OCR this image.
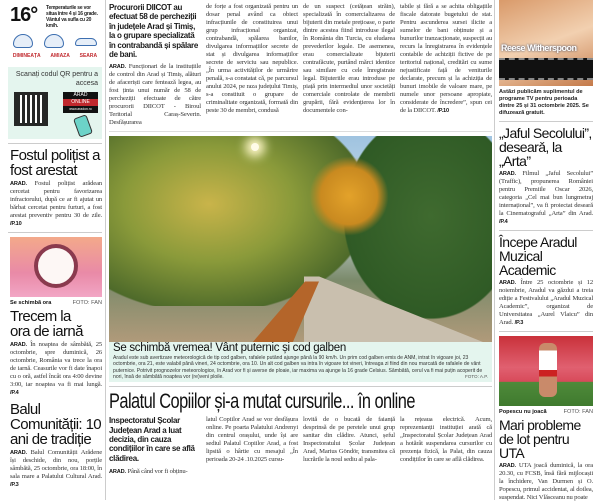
16° Temperaturile se vor situa între 4 și 16 grade. Vântul va sufla cu 20 km/h.
DIMINEAȚA AMIAZA SEARA
Scanați codul QR pentru a accesa
ARAD
ONLINE
www.aradon.ro
Fostul polițist a fost arestat
ARAD. Fostul polițist arădean cercetat pentru favorizarea infractorului, după ce ar fi ajutat un bărbat cercetat pentru furturi, a fost arestat preventiv pentru 30 de zile. /P.10
Se schimbă ora	FOTO: FAN
Trecem la ora de iarnă
ARAD. În noaptea de sâmbătă, 25 octombrie, spre duminică, 26 octombrie, România va trece la ora de iarnă. Ceasurile vor fi date înapoi cu o oră, astfel încât ora 4:00 devine 3:00, iar noaptea va fi mai lungă. /P.4
Balul Comunității: 10 ani de tradiție
ARAD. Balul Comunității Arădene își deschide, din nou, porțile sâmbătă, 25 octombrie, ora 18:00, în sala mare a Palatului Cultural Arad. /P.3
Procurorii DIICOT au efectuat 58 de percheziții în județele Arad și Timiș, la o grupare specializată în contrabandă și spălare de bani.
ARAD. Funcționari de la instituțiile de control din Arad și Timiș, alături de afaceriști care fentează legea, au fost ținta unui număr de 58 de percheziții efectuate de către procurorii DIICOT - Biroul Teritorial Caraș-Severin. Desfășurarea
de forțe a fost organizată pentru un dosar penal având ca obiect infracțiunile de constituirea unui grup infracțional organizat, contrabandă, spălarea banilor, divulgarea informațiilor secrete de stat și divulgarea informațiilor secrete de serviciu sau nepublice. „În urma activităților de urmărire penală, s-a constatat că, pe parcursul anului 2024, pe raza județului Timiș, s-a constituit o grupare de criminalitate organizată, formată din peste 30 de membri, condusă
de un suspect (cetățean străin), specializată în comercializarea de bijuterii din metale prețioase, o parte dintre acestea fiind introduse ilegal în România din Turcia, cu eludarea prevederilor legale. De asemenea, erau comercializate bijuterii contrafăcute, purtând mărci identice sau similare cu cele înregistrate legal. Bijuteriile erau introduse pe piață prin intermediul unor societăți comerciale controlate de membrii grupării, fără evidențierea lor în documentele con-
tabile și fără a se achita obligațiile fiscale datorate bugetului de stat. Pentru ascunderea sursei ilicite a sumelor de bani obținute și a bunurilor tranzacționate, suspecții au recurs la înregistrarea în evidențele contabile de achiziții fictive de pe teritoriul național, creditări cu sume nejustificate față de veniturile declarate, precum și la achiziția de bunuri imobile de valoare mare, pe numele unor persoane apropiate, considerate de încredere”, spun cei de la DIICOT. /P.10
Se schimbă vremea! Vânt puternic și cod galben
Aradul este sub avertizare meteorologică de tip cod galben, rafalele putând ajunge până la 90 km/h. Un prim cod galben emis de ANM, intrat în vigoare joi, 23 octombrie, ora 21, este valabil până vineri, 24 octombrie, ora 10. Un alt cod galben va intra în vigoare tot vineri, întreaga zi fiind din nou marcată de rafalele de vânt puternice. Potrivit prognozelor meteorologice, în Arad vor fi și averse de ploaie, iar maxima va ajunge la 16 grade Celsius. Sâmbătă, cerul va fi mai puțin acoperit de nori, însă de sâmbătă noaptea vor (re)veni ploile.	FOTO: A.P.
Palatul Copiilor și-a mutat cursurile... în online
Inspectoratul Școlar Județean Arad a luat decizia, din cauza condițiilor în care se află clădirea.
ARAD. Până când vor fi obținu-
latul Copiilor Arad se vor desfășura online. Pe poarta Palatului Andrenyi din centrul orașului, unde își are sediul Palatul Copiilor Arad, a fost lipsită o hârtie cu mesajul „În perioada 20-24 .10.2025 cursu-
lovită de o bucată de faianță desprinsă de pe peretele unui grup sanitar din clădire. Atunci, șeful Inspectoratului Școlar Județean Arad, Marius Göndör, transmitea că lucrările la noul sediu al pala-
la rețeaua electrică. Acum, reprezentanții instituției arată că „Inspectoratul Școlar Județean Arad a hotărât suspendarea cursurilor cu prezența fizică, la Palat, din cauza condițiilor în care se află clădirea.
Reese Witherspoon
Astăzi publicăm suplimentul de programe TV pentru perioada dintre 25 și 31 octombrie 2025. Se difuzează gratuit.
„Jaful Secolului”, desearǎ, la „Arta”
ARAD. Filmul „Jaful Secolului” (Traffic), propunerea României pentru Premiile Oscar 2026, categoria „Cel mai bun lungmetraj internațional”, va fi proiectat deseară la Cinematograful „Arta” din Arad. /P.4
Începe Aradul Muzical Academic
ARAD. Între 25 octombrie și 12 noiembrie, Aradul va găzdui a treia ediție a Festivalului „Aradul Muzical Academic”, organizat de Universitatea „Aurel Vlaicu” din Arad. /P.3
Popescu nu joacă	FOTO: FAN
Mari probleme de lot pentru UTA
ARAD. UTA joacă duminică, la ora 20.30, cu FCSB, însă fără mijlocașii la închidere, Van Durmen și O. Popescu, primul accidentat, al doilea, suspendat. Nici Vlăsceanu nu poate
